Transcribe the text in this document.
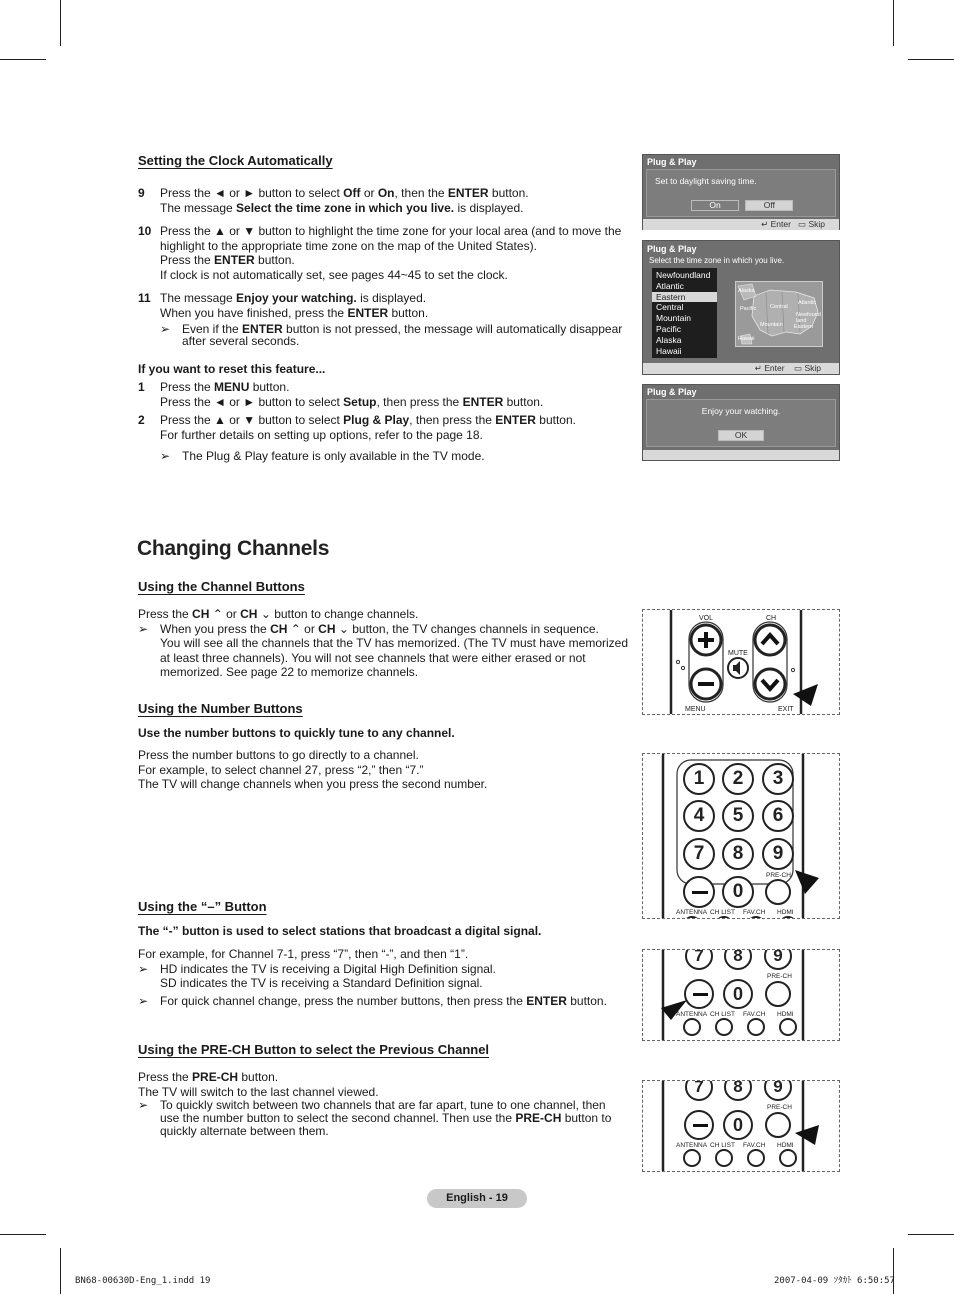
Setting the Clock Automatically
9 Press the ◄ or ► button to select Off or On, then the ENTER button.
The message Select the time zone in which you live. is displayed.
10 Press the ▲ or ▼ button to highlight the time zone for your local area (and to move the highlight to the appropriate time zone on the map of the United States).
Press the ENTER button.
If clock is not automatically set, see pages 44~45 to set the clock.
11 The message Enjoy your watching. is displayed.
When you have finished, press the ENTER button.
➢ Even if the ENTER button is not pressed, the message will automatically disappear after several seconds.
If you want to reset this feature...
1 Press the MENU button.
Press the ◄ or ► button to select Setup, then press the ENTER button.
2 Press the ▲ or ▼ button to select Plug & Play, then press the ENTER button.
For further details on setting up options, refer to the page 18.
➢ The Plug & Play feature is only available in the TV mode.
Plug & Play
Set to daylight saving time.
On	Off
↵ Enter ▭ Skip
Plug & Play
Select the time zone in which you live.
Newfoundland
Atlantic
Eastern
Central
Mountain
Pacific
Alaska
Hawaii
Alaska
Pacific	Central
Atlantic
Mountain
Newfound land
Eastern
Hawaii
↵ Enter ▭ Skip
Plug & Play
Enjoy your watching.
OK
Changing Channels
Using the Channel Buttons
Press the CH ⌃ or CH ⌄ button to change channels.
➢ When you press the CH ⌃ or CH ⌄ button, the TV changes channels in sequence.
You will see all the channels that the TV has memorized. (The TV must have memorized at least three channels). You will not see channels that were either erased or not memorized. See page 22 to memorize channels.
Using the Number Buttons
Use the number buttons to quickly tune to any channel.
Press the number buttons to go directly to a channel.
For example, to select channel 27, press “2,” then “7.”
The TV will change channels when you press the second number.
Using the “–” Button
The “-” button is used to select stations that broadcast a digital signal.
For example, for Channel 7-1, press “7”, then “-”, and then “1”.
➢ HD indicates the TV is receiving a Digital High Definition signal.
SD indicates the TV is receiving a Standard Definition signal.
➢ For quick channel change, press the number buttons, then press the ENTER button.
Using the PRE-CH Button to select the Previous Channel
Press the PRE-CH button.
The TV will switch to the last channel viewed.
➢ To quickly switch between two channels that are far apart, tune to one channel, then use the number button to select the second channel. Then use the PRE-CH button to quickly alternate between them.
VOL	CH
MUTE
MENU	EXIT
1	2	3
4	5	6
7	8	9
0
PRE-CH
ANTENNA CH LIST FAV.CH HDMI
7	8	9
0
PRE-CH
ANTENNA CH LIST FAV.CH HDMI
7	8	9
0
PRE-CH
ANTENNA CH LIST FAV.CH HDMI
English - 19
BN68-00630D-Eng_1.indd 19	2007-04-09 ｿﾀｶﾄ 6:50:57
